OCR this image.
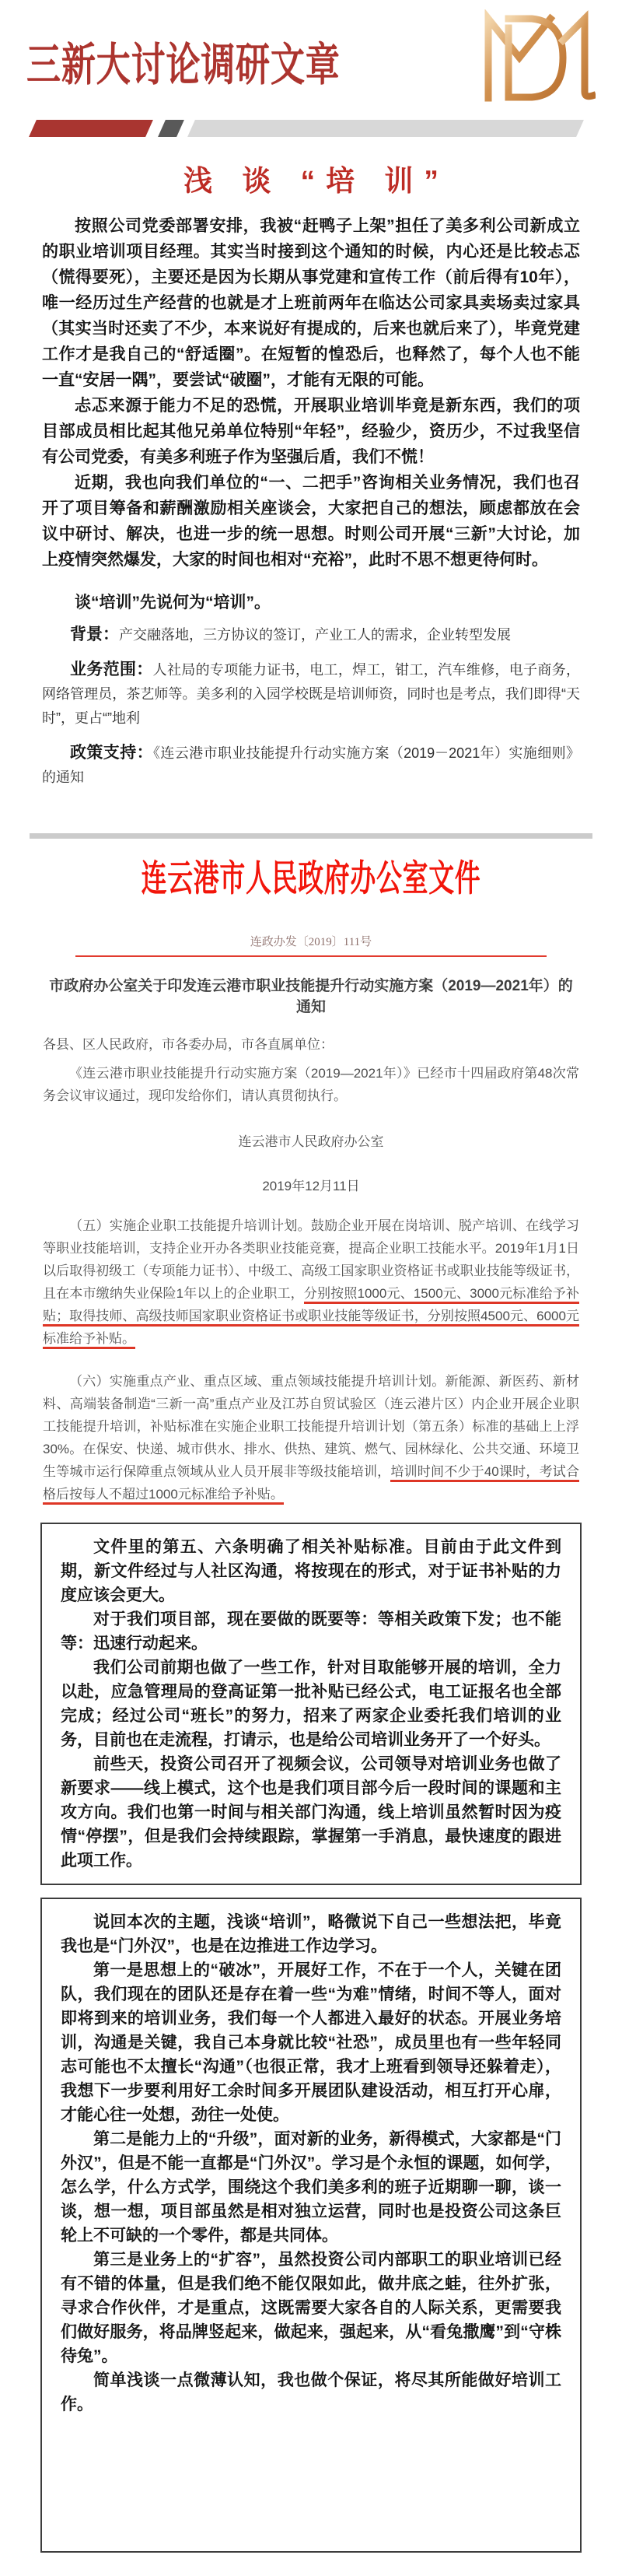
三新大讨论调研文章
浅 谈 “培 训”

按照公司党委部署安排，我被“赶鸭子上架”担任了美多利公司新成立的职业培训项目经理。其实当时接到这个通知的时候，内心还是比较忐忑（慌得要死），主要还是因为长期从事党建和宣传工作（前后得有10年），唯一经历过生产经营的也就是才上班前两年在临达公司家具卖场卖过家具（其实当时还卖了不少，本来说好有提成的，后来也就后来了），毕竟党建工作才是我自己的“舒适圈”。在短暂的惶恐后，也释然了，每个人也不能一直“安居一隅”，要尝试“破圈”，才能有无限的可能。

忐忑来源于能力不足的恐慌，开展职业培训毕竟是新东西，我们的项目部成员相比起其他兄弟单位特别“年轻”，经验少，资历少，不过我坚信有公司党委，有美多利班子作为坚强后盾，我们不慌！

近期，我也向我们单位的“一、二把手”咨询相关业务情况，我们也召开了项目筹备和薪酬激励相关座谈会，大家把自己的想法，顾虑都放在会议中研讨、解决，也进一步的统一思想。时则公司开展“三新”大讨论，加上疫情突然爆发，大家的时间也相对“充裕”，此时不思不想更待何时。

谈“培训”先说何为“培训”。

背景：产交融落地，三方协议的签订，产业工人的需求，企业转型发展

业务范围：人社局的专项能力证书，电工，焊工，钳工，汽车维修，电子商务，网络管理员，茶艺师等。美多利的入园学校既是培训师资，同时也是考点，我们即得“天时”，更占“”地利

政策支持：《连云港市职业技能提升行动实施方案（2019－2021年）实施细则》的通知

连云港市人民政府办公室文件
连政办发〔2019〕111号
市政府办公室关于印发连云港市职业技能提升行动实施方案（2019—2021年）的通知
各县、区人民政府，市各委办局，市各直属单位：

《连云港市职业技能提升行动实施方案（2019—2021年）》已经市十四届政府第48次常务会议审议通过，现印发给你们，请认真贯彻执行。

连云港市人民政府办公室
2019年12月11日

（五）实施企业职工技能提升培训计划。鼓励企业开展在岗培训、脱产培训、在线学习等职业技能培训，支持企业开办各类职业技能竞赛，提高企业职工技能水平。2019年1月1日以后取得初级工（专项能力证书）、中级工、高级工国家职业资格证书或职业技能等级证书，且在本市缴纳失业保险1年以上的企业职工，分别按照1000元、1500元、3000元标准给予补贴；取得技师、高级技师国家职业资格证书或职业技能等级证书，分别按照4500元、6000元标准给予补贴。

（六）实施重点产业、重点区域、重点领域技能提升培训计划。新能源、新医药、新材料、高端装备制造“三新一高”重点产业及江苏自贸试验区（连云港片区）内企业开展企业职工技能提升培训，补贴标准在实施企业职工技能提升培训计划（第五条）标准的基础上上浮30%。在保安、快递、城市供水、排水、供热、建筑、燃气、园林绿化、公共交通、环境卫生等城市运行保障重点领域从业人员开展非等级技能培训，培训时间不少于40课时，考试合格后按每人不超过1000元标准给予补贴。

文件里的第五、六条明确了相关补贴标准。目前由于此文件到期，新文件经过与人社区沟通，将按现在的形式，对于证书补贴的力度应该会更大。

对于我们项目部，现在要做的既要等：等相关政策下发；也不能等：迅速行动起来。

我们公司前期也做了一些工作，针对目取能够开展的培训，全力以赴，应急管理局的登高证第一批补贴已经公式，电工证报名也全部完成；经过公司“班长”的努力，招来了两家企业委托我们培训的业务，目前也在走流程，打请示，也是给公司培训业务开了一个好头。

前些天，投资公司召开了视频会议，公司领导对培训业务也做了新要求——线上模式，这个也是我们项目部今后一段时间的课题和主攻方向。我们也第一时间与相关部门沟通，线上培训虽然暂时因为疫情“停摆”，但是我们会持续跟踪，掌握第一手消息，最快速度的跟进此项工作。

说回本次的主题，浅谈“培训”，略微说下自己一些想法把，毕竟我也是“门外汉”，也是在边推进工作边学习。

第一是思想上的“破冰”，开展好工作，不在于一个人，关键在团队，我们现在的团队还是存在着一些“为难”情绪，时间不等人，面对即将到来的培训业务，我们每一个人都进入最好的状态。开展业务培训，沟通是关键，我自己本身就比较“社恐”，成员里也有一些年轻同志可能也不太擅长“沟通”（也很正常，我才上班看到领导还躲着走），我想下一步要利用好工余时间多开展团队建设活动，相互打开心扉，才能心往一处想，劲往一处使。

第二是能力上的“升级”，面对新的业务，新得模式，大家都是“门外汉”，但是不能一直都是“门外汉”。学习是个永恒的课题，如何学，怎么学，什么方式学，围绕这个我们美多利的班子近期聊一聊，谈一谈，想一想，项目部虽然是相对独立运营，同时也是投资公司这条巨轮上不可缺的一个零件，都是共同体。

第三是业务上的“扩容”，虽然投资公司内部职工的职业培训已经有不错的体量，但是我们绝不能仅限如此，做井底之蛙，往外扩张，寻求合作伙伴，才是重点，这既需要大家各自的人际关系，更需要我们做好服务，将品牌竖起来，做起来，强起来，从“看兔撒鹰”到“守株待兔”。

简单浅谈一点微薄认知，我也做个保证，将尽其所能做好培训工作。
